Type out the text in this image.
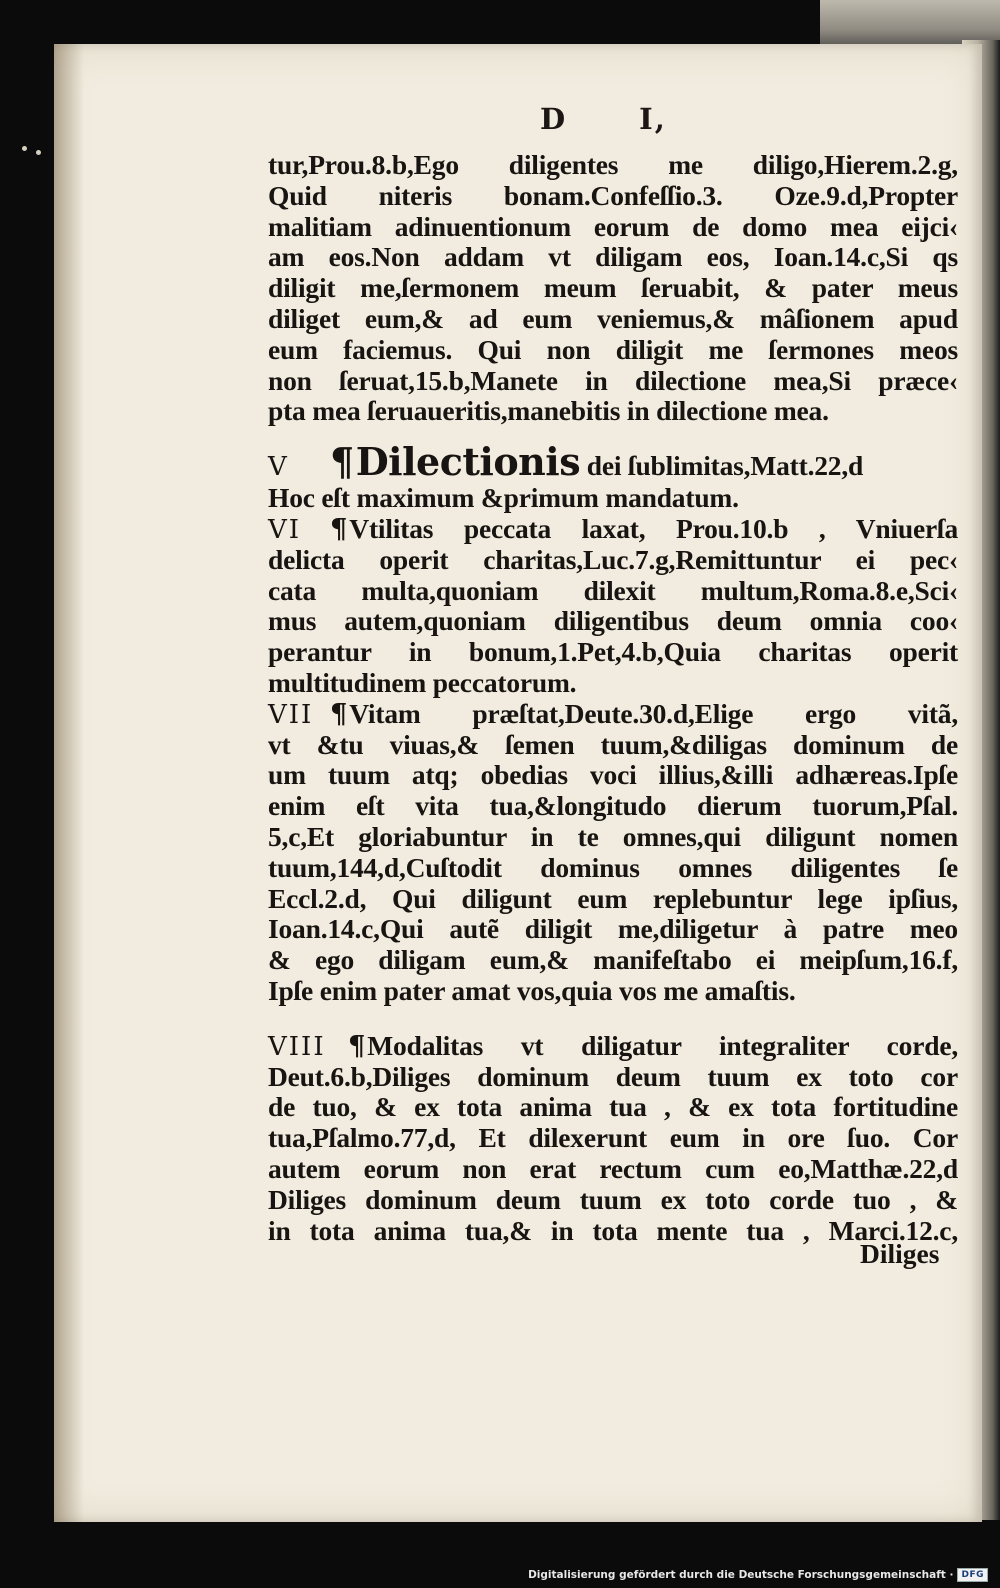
D I,
tur,Prou.8.b,Ego diligentes me diligo,Hierem.2.g,
Quid niteris bonam.Confeſſio.3. Oze.9.d,Propter
malitiam adinuentionum eorum de domo mea eijci‹
am eos.Non addam vt diligam eos, Ioan.14.c,Si qs
diligit me,ſermonem meum ſeruabit, & pater meus
diliget eum,& ad eum veniemus,& mâſionem apud
eum faciemus. Qui non diligit me ſermones meos
non ſeruat,15.b,Manete in dilectione mea,Si præce‹
pta mea ſeruaueritis,manebitis in dilectione mea.
V ¶Dilectionis dei ſublimitas,Matt.22,d
Hoc eſt maximum &primum mandatum.
VI ¶Vtilitas peccata laxat, Prou.10.b , Vniuerſa
delicta operit charitas,Luc.7.g,Remittuntur ei pec‹
cata multa,quoniam dilexit multum,Roma.8.e,Sci‹
mus autem,quoniam diligentibus deum omnia coo‹
perantur in bonum,1.Pet,4.b,Quia charitas operit
multitudinem peccatorum.
VII ¶Vitam præſtat,Deute.30.d,Elige ergo vitã,
vt &tu viuas,& ſemen tuum,&diligas dominum de
um tuum atq; obedias voci illius,&illi adhæreas.Ipſe
enim eſt vita tua,&longitudo dierum tuorum,Pſal.
5,c,Et gloriabuntur in te omnes,qui diligunt nomen
tuum,144,d,Cuſtodit dominus omnes diligentes ſe
Eccl.2.d, Qui diligunt eum replebuntur lege ipſius,
Ioan.14.c,Qui autẽ diligit me,diligetur à patre meo
& ego diligam eum,& manifeſtabo ei meipſum,16.f,
Ipſe enim pater amat vos,quia vos me amaſtis.
VIII ¶Modalitas vt diligatur integraliter corde,
Deut.6.b,Diliges dominum deum tuum ex toto cor
de tuo, & ex tota anima tua , & ex tota fortitudine
tua,Pſalmo.77,d, Et dilexerunt eum in ore ſuo. Cor
autem eorum non erat rectum cum eo,Matthæ.22,d
Diliges dominum deum tuum ex toto corde tuo , &
in tota anima tua,& in tota mente tua , Marci.12.c,
Diliges
Digitalisierung gefördert durch die Deutsche Forschungsgemeinschaft · DFG
